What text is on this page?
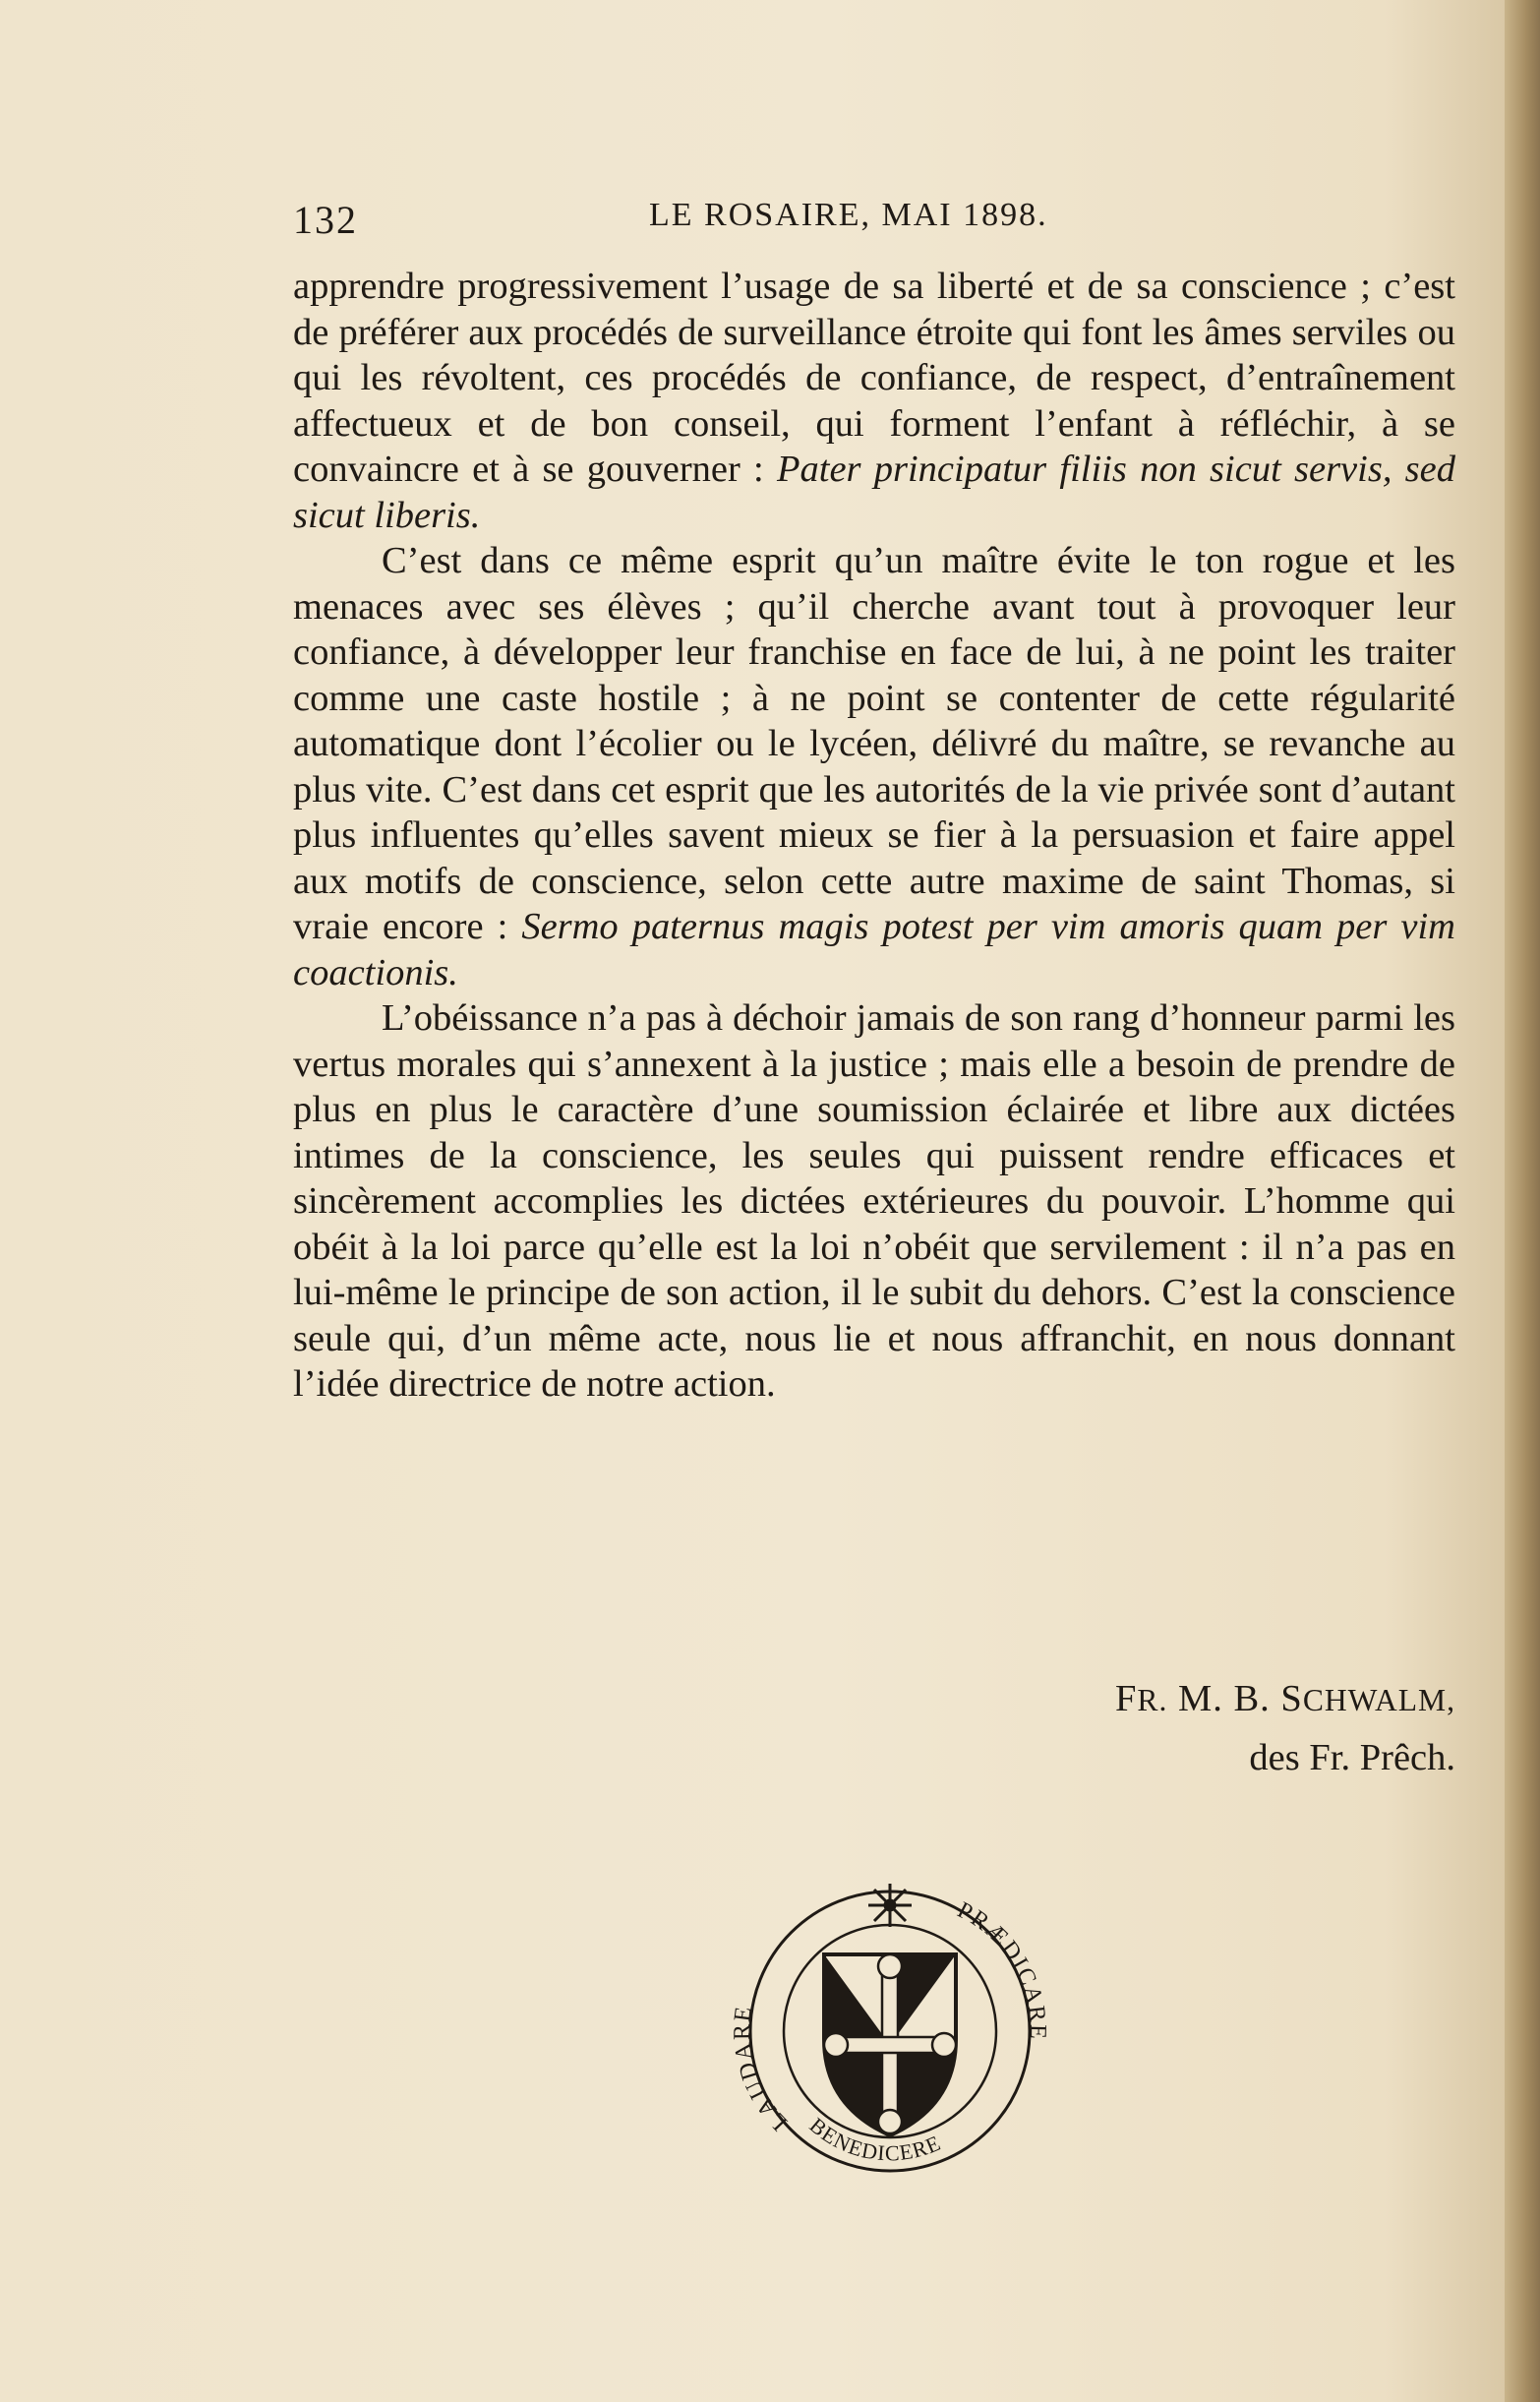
132	LE ROSAIRE, MAI 1898.

apprendre progressivement l’usage de sa liberté et de sa conscience ; c’est de préférer aux procédés de surveillance étroite qui font les âmes serviles ou qui les révoltent, ces procédés de confiance, de respect, d’entraînement affectueux et de bon conseil, qui forment l’enfant à réfléchir, à se convaincre et à se gouverner : Pater principatur filiis non sicut servis, sed sicut liberis.

C’est dans ce même esprit qu’un maître évite le ton rogue et les menaces avec ses élèves ; qu’il cherche avant tout à provoquer leur confiance, à développer leur franchise en face de lui, à ne point les traiter comme une caste hostile ; à ne point se contenter de cette régularité automatique dont l’écolier ou le lycéen, délivré du maître, se revanche au plus vite. C’est dans cet esprit que les autorités de la vie privée sont d’autant plus influentes qu’elles savent mieux se fier à la persuasion et faire appel aux motifs de conscience, selon cette autre maxime de saint Thomas, si vraie encore : Sermo paternus magis potest per vim amoris quam per vim coactionis.

L’obéissance n’a pas à déchoir jamais de son rang d’honneur parmi les vertus morales qui s’annexent à la justice ; mais elle a besoin de prendre de plus en plus le caractère d’une soumission éclairée et libre aux dictées intimes de la conscience, les seules qui puissent rendre efficaces et sincèrement accomplies les dictées extérieures du pouvoir. L’homme qui obéit à la loi parce qu’elle est la loi n’obéit que servilement : il n’a pas en lui-même le principe de son action, il le subit du dehors. C’est la conscience seule qui, d’un même acte, nous lie et nous affranchit, en nous donnant l’idée directrice de notre action.

FR. M. B. SCHWALM,
des Fr. Prêch.
LAUDARE
PRÆDICARE
BENEDICERE
